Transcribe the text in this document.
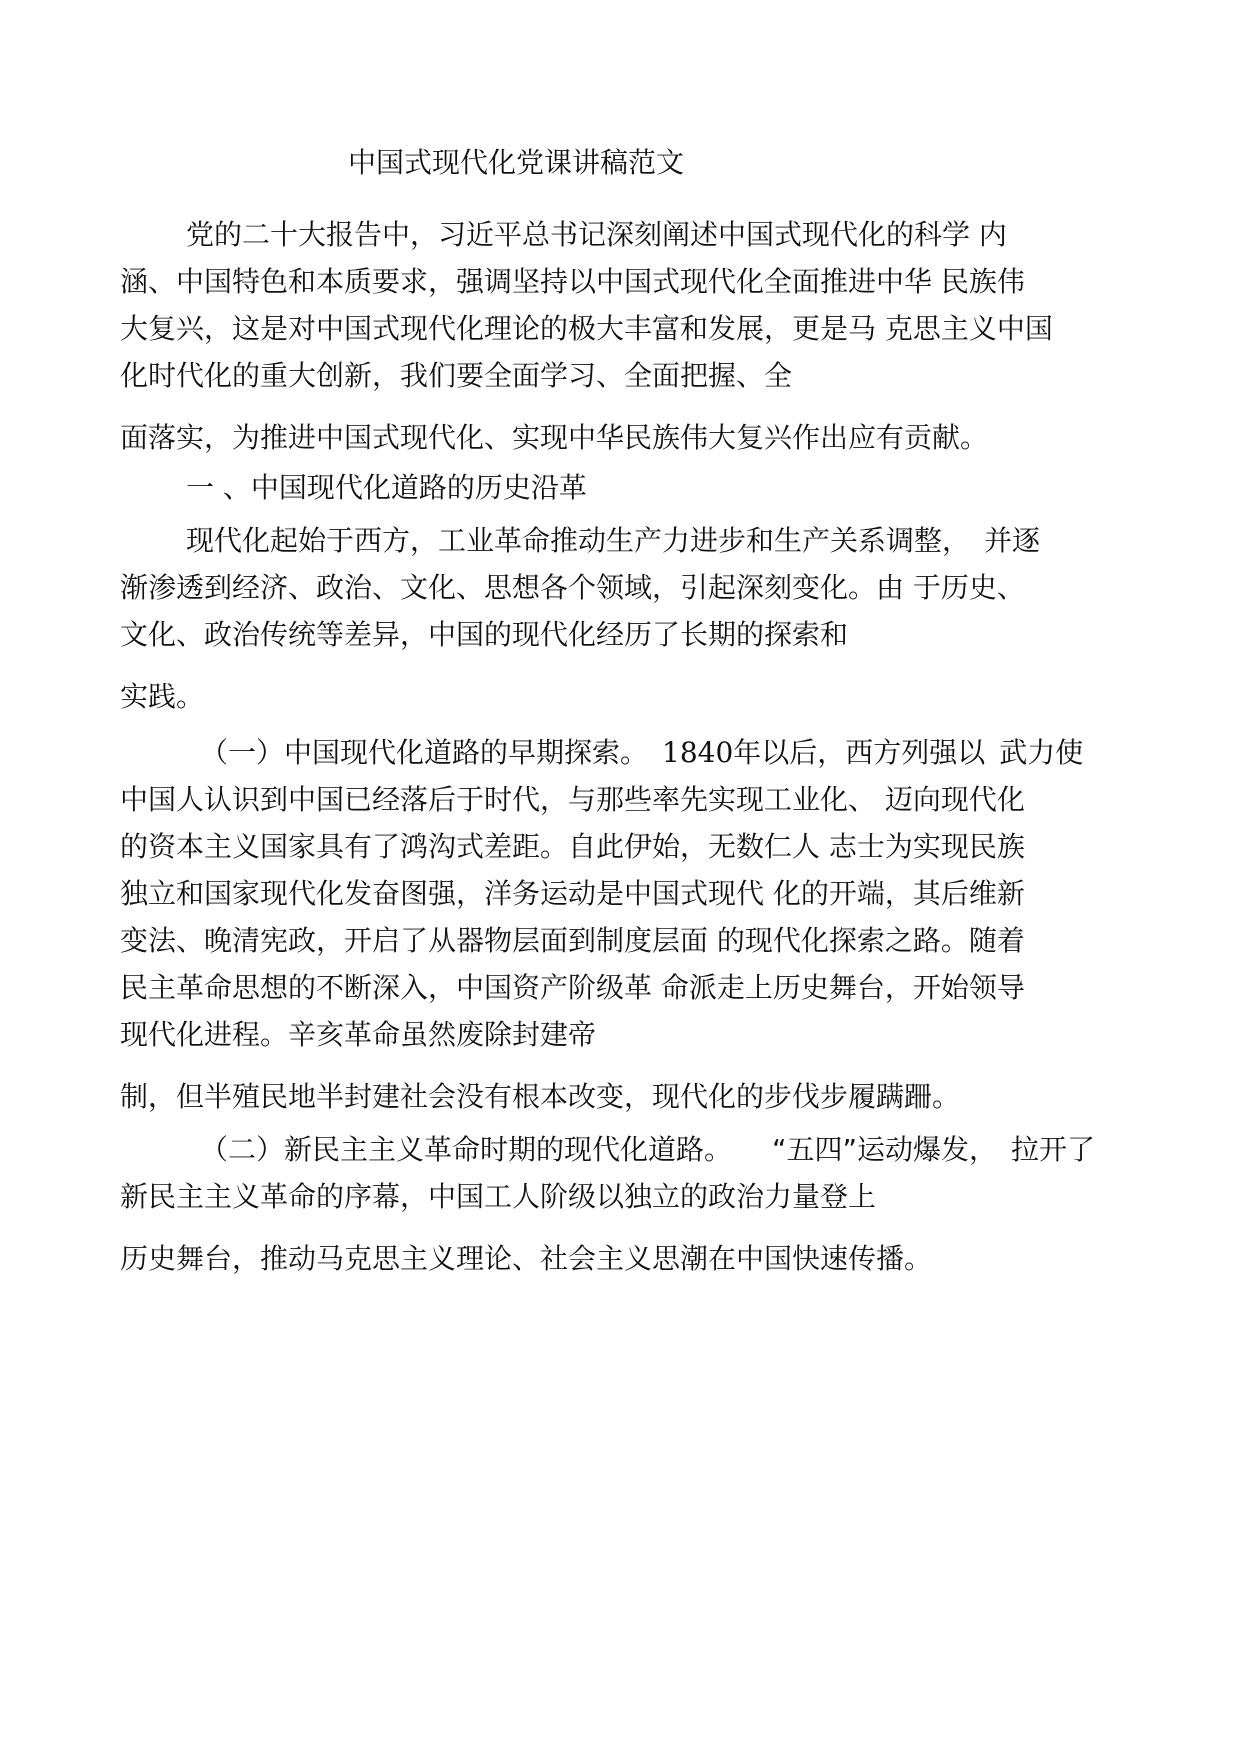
中国式现代化党课讲稿范文
党的二十大报告中，习近平总书记深刻阐述中国式现代化的科学 内
涵、中国特色和本质要求，强调坚持以中国式现代化全面推进中华 民族伟
大复兴，这是对中国式现代化理论的极大丰富和发展，更是马 克思主义中国
化时代化的重大创新，我们要全面学习、全面把握、全
面落实，为推进中国式现代化、实现中华民族伟大复兴作出应有贡献。
一 、中国现代化道路的历史沿革
现代化起始于西方，工业革命推动生产力进步和生产关系调整， 并逐
渐渗透到经济、政治、文化、思想各个领域，引起深刻变化。由 于历史、
文化、政治传统等差异，中国的现代化经历了长期的探索和
实践。
（一）中国现代化道路的早期探索。 1840年以后，西方列强以 武力使
中国人认识到中国已经落后于时代，与那些率先实现工业化、 迈向现代化
的资本主义国家具有了鸿沟式差距。自此伊始，无数仁人 志士为实现民族
独立和国家现代化发奋图强，洋务运动是中国式现代 化的开端，其后维新
变法、晚清宪政，开启了从器物层面到制度层面 的现代化探索之路。随着
民主革命思想的不断深入，中国资产阶级革 命派走上历史舞台，开始领导
现代化进程。辛亥革命虽然废除封建帝
制，但半殖民地半封建社会没有根本改变，现代化的步伐步履蹒跚。
（二）新民主主义革命时期的现代化道路。 “五四”运动爆发， 拉开了
新民主主义革命的序幕，中国工人阶级以独立的政治力量登上
历史舞台，推动马克思主义理论、社会主义思潮在中国快速传播。
